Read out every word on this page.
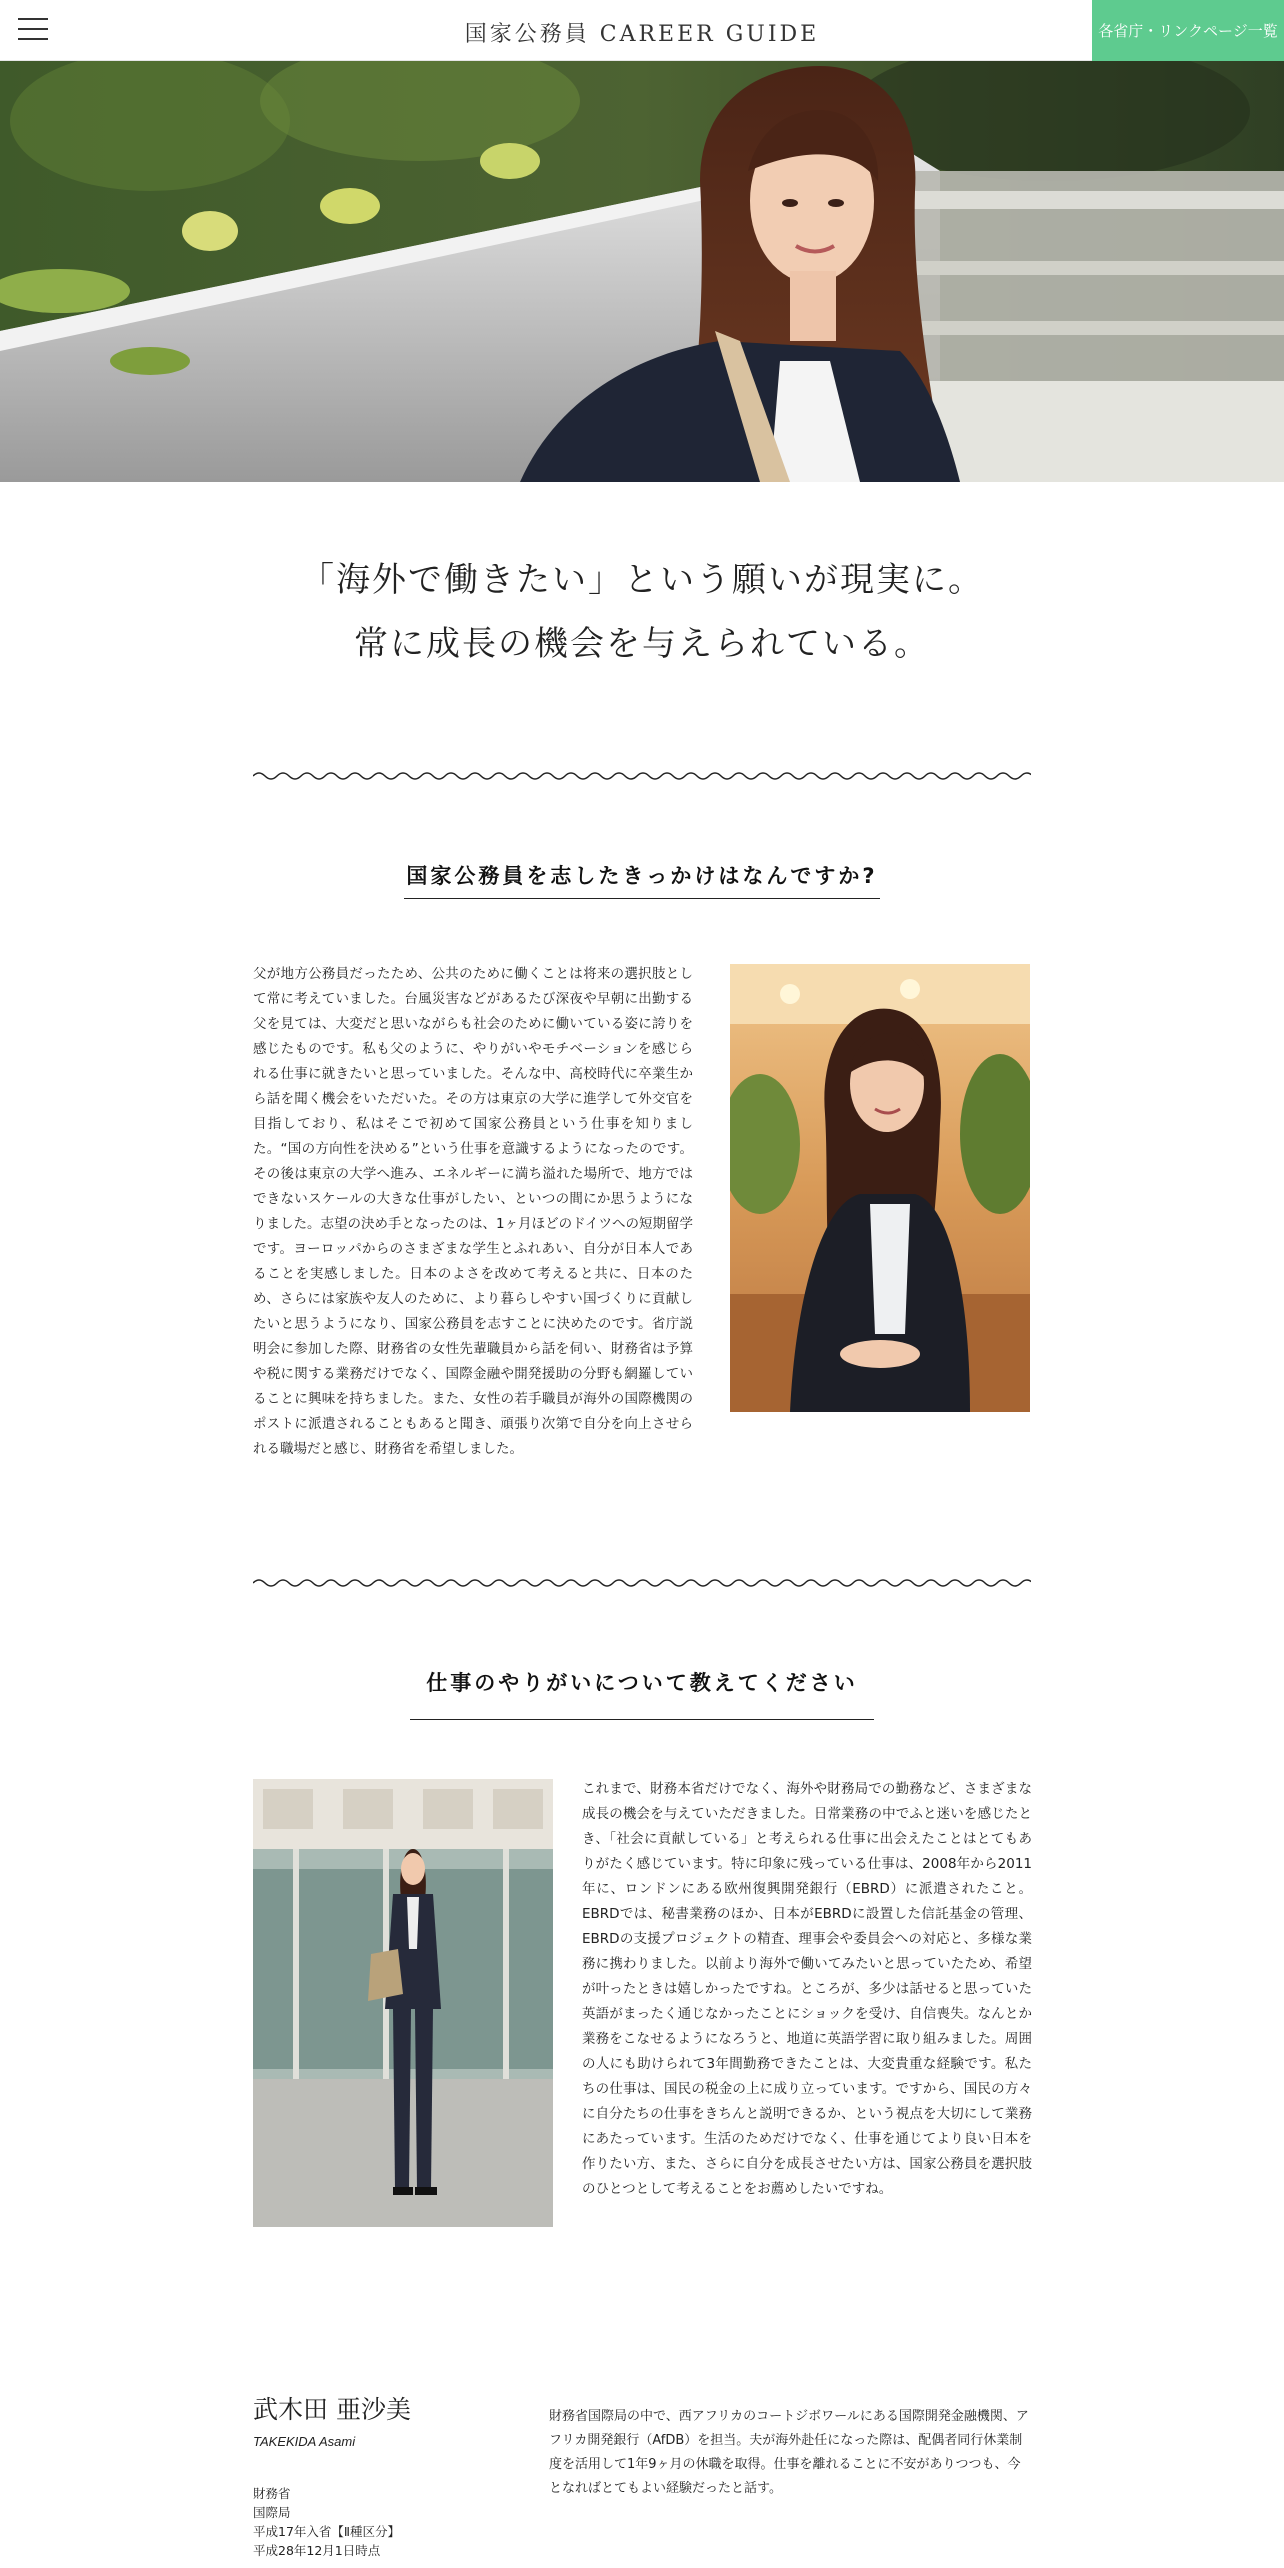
国家公務員 CAREER GUIDE	各省庁・リンクページ一覧
「海外で働きたい」という願いが現実に。
常に成長の機会を与えられている。
国家公務員を志したきっかけはなんですか?
父が地方公務員だったため、公共のために働くことは将来の選択肢として常に考えていました。台風災害などがあるたび深夜や早朝に出勤する父を見ては、大変だと思いながらも社会のために働いている姿に誇りを感じたものです。私も父のように、やりがいやモチベーションを感じられる仕事に就きたいと思っていました。そんな中、高校時代に卒業生から話を聞く機会をいただいた。その方は東京の大学に進学して外交官を目指しており、私はそこで初めて国家公務員という仕事を知りました。“国の方向性を決める”という仕事を意識するようになったのです。その後は東京の大学へ進み、エネルギーに満ち溢れた場所で、地方ではできないスケールの大きな仕事がしたい、といつの間にか思うようになりました。志望の決め手となったのは、1ヶ月ほどのドイツへの短期留学です。ヨーロッパからのさまざまな学生とふれあい、自分が日本人であることを実感しました。日本のよさを改めて考えると共に、日本のため、さらには家族や友人のために、より暮らしやすい国づくりに貢献したいと思うようになり、国家公務員を志すことに決めたのです。省庁説明会に参加した際、財務省の女性先輩職員から話を伺い、財務省は予算や税に関する業務だけでなく、国際金融や開発援助の分野も網羅していることに興味を持ちました。また、女性の若手職員が海外の国際機関のポストに派遣されることもあると聞き、頑張り次第で自分を向上させられる職場だと感じ、財務省を希望しました。
仕事のやりがいについて教えてください
これまで、財務本省だけでなく、海外や財務局での勤務など、さまざまな成長の機会を与えていただきました。日常業務の中でふと迷いを感じたとき、「社会に貢献している」と考えられる仕事に出会えたことはとてもありがたく感じています。特に印象に残っている仕事は、2008年から2011年に、ロンドンにある欧州復興開発銀行（EBRD）に派遣されたこと。EBRDでは、秘書業務のほか、日本がEBRDに設置した信託基金の管理、EBRDの支援プロジェクトの精査、理事会や委員会への対応と、多様な業務に携わりました。以前より海外で働いてみたいと思っていたため、希望が叶ったときは嬉しかったですね。ところが、多少は話せると思っていた英語がまったく通じなかったことにショックを受け、自信喪失。なんとか業務をこなせるようになろうと、地道に英語学習に取り組みました。周囲の人にも助けられて3年間勤務できたことは、大変貴重な経験です。私たちの仕事は、国民の税金の上に成り立っています。ですから、国民の方々に自分たちの仕事をきちんと説明できるか、という視点を大切にして業務にあたっています。生活のためだけでなく、仕事を通じてより良い日本を作りたい方、また、さらに自分を成長させたい方は、国家公務員を選択肢のひとつとして考えることをお薦めしたいですね。
武木田 亜沙美
TAKEKIDA Asami
財務省
国際局
平成17年入省【Ⅱ種区分】
平成28年12月1日時点
財務省国際局の中で、西アフリカのコートジボワールにある国際開発金融機関、アフリカ開発銀行（AfDB）を担当。夫が海外赴任になった際は、配偶者同行休業制度を活用して1年9ヶ月の休職を取得。仕事を離れることに不安がありつつも、今となればとてもよい経験だったと話す。
